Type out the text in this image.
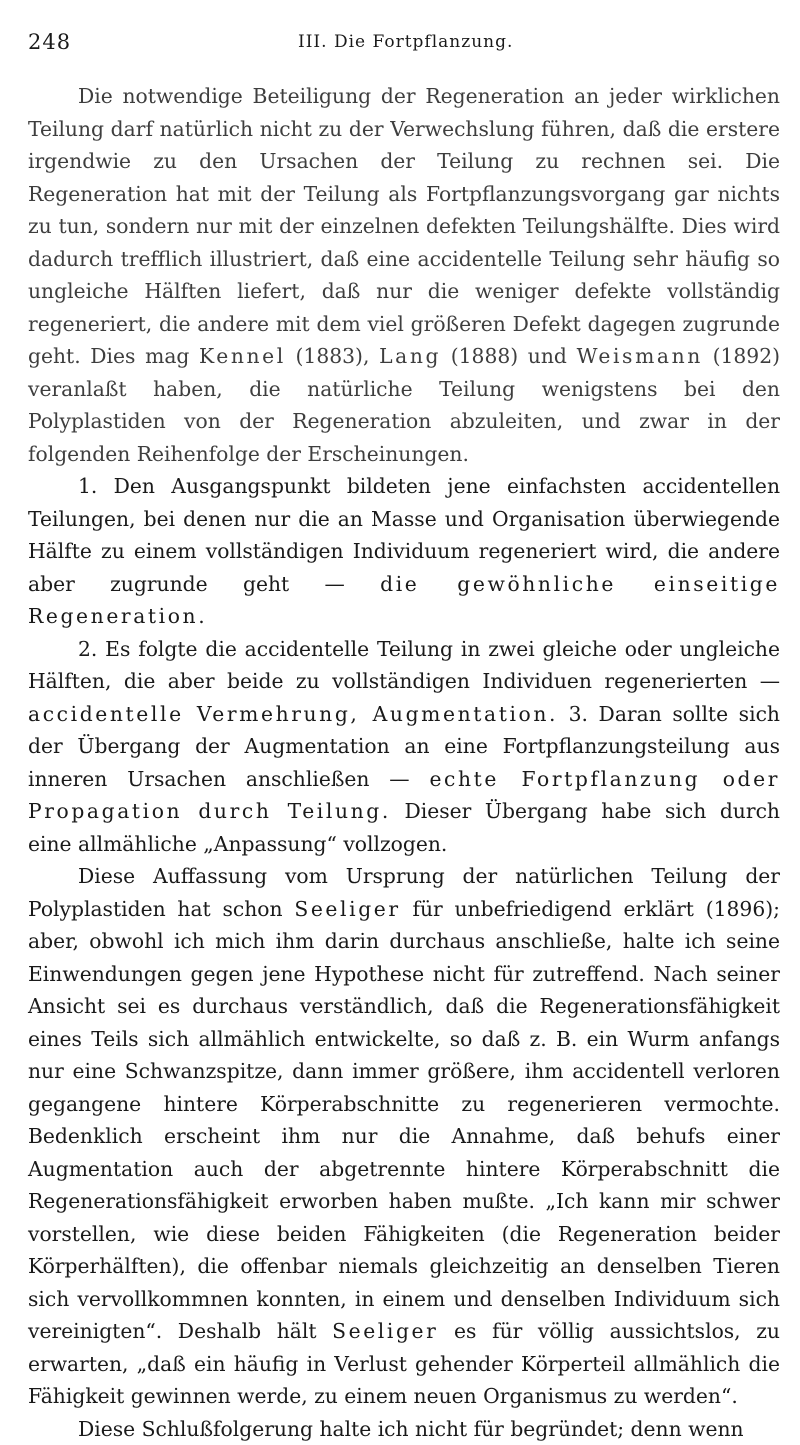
248	III. Die Fortpflanzung.

Die notwendige Beteiligung der Regeneration an jeder wirklichen Teilung darf natürlich nicht zu der Verwechslung führen, daß die erstere irgendwie zu den Ursachen der Teilung zu rechnen sei. Die Regeneration hat mit der Teilung als Fortpflanzungsvorgang gar nichts zu tun, sondern nur mit der einzelnen defekten Teilungshälfte. Dies wird dadurch trefflich illustriert, daß eine accidentelle Teilung sehr häufig so ungleiche Hälften liefert, daß nur die weniger defekte vollständig regeneriert, die andere mit dem viel größeren Defekt dagegen zugrunde geht. Dies mag Kennel (1883), Lang (1888) und Weismann (1892) veranlaßt haben, die natürliche Teilung wenigstens bei den Polyplastiden von der Regeneration abzuleiten, und zwar in der folgenden Reihenfolge der Erscheinungen.

1. Den Ausgangspunkt bildeten jene einfachsten accidentellen Teilungen, bei denen nur die an Masse und Organisation überwiegende Hälfte zu einem vollständigen Individuum regeneriert wird, die andere aber zugrunde geht — die gewöhnliche einseitige Regeneration.

2. Es folgte die accidentelle Teilung in zwei gleiche oder ungleiche Hälften, die aber beide zu vollständigen Individuen regenerierten — accidentelle Vermehrung, Augmentation. 3. Daran sollte sich der Übergang der Augmentation an eine Fortpflanzungsteilung aus inneren Ursachen anschließen — echte Fortpflanzung oder Propagation durch Teilung. Dieser Übergang habe sich durch eine allmähliche „Anpassung“ vollzogen.

Diese Auffassung vom Ursprung der natürlichen Teilung der Polyplastiden hat schon Seeliger für unbefriedigend erklärt (1896); aber, obwohl ich mich ihm darin durchaus anschließe, halte ich seine Einwendungen gegen jene Hypothese nicht für zutreffend. Nach seiner Ansicht sei es durchaus verständlich, daß die Regenerationsfähigkeit eines Teils sich allmählich entwickelte, so daß z. B. ein Wurm anfangs nur eine Schwanzspitze, dann immer größere, ihm accidentell verloren gegangene hintere Körperabschnitte zu regenerieren vermochte. Bedenklich erscheint ihm nur die Annahme, daß behufs einer Augmentation auch der abgetrennte hintere Körperabschnitt die Regenerationsfähigkeit erworben haben mußte. „Ich kann mir schwer vorstellen, wie diese beiden Fähigkeiten (die Regeneration beider Körperhälften), die offenbar niemals gleichzeitig an denselben Tieren sich vervollkommnen konnten, in einem und denselben Individuum sich vereinigten“. Deshalb hält Seeliger es für völlig aussichtslos, zu erwarten, „daß ein häufig in Verlust gehender Körperteil allmählich die Fähigkeit gewinnen werde, zu einem neuen Organismus zu werden“.

Diese Schlußfolgerung halte ich nicht für begründet; denn wenn
